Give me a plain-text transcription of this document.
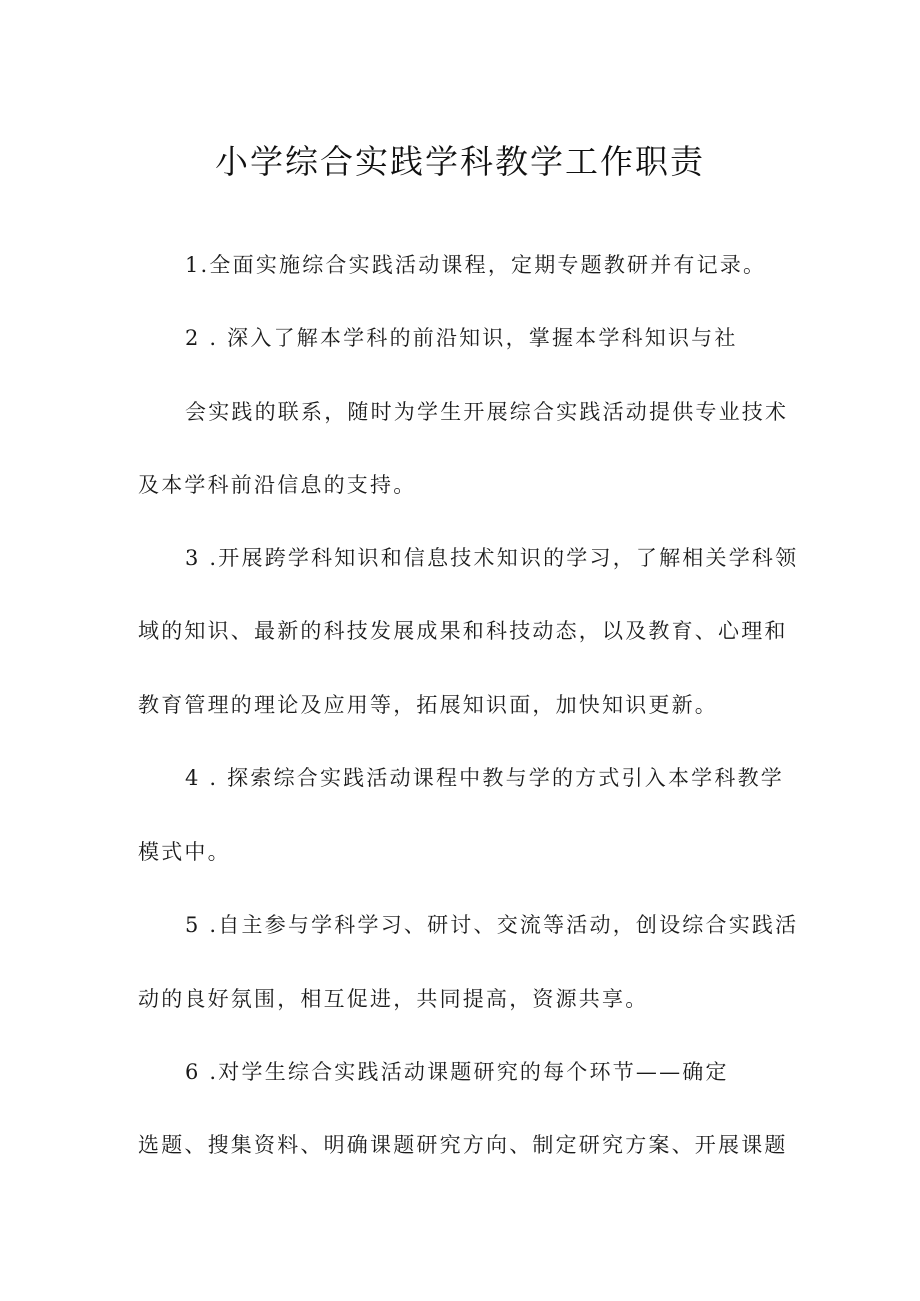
小学综合实践学科教学工作职责
1.全面实施综合实践活动课程，定期专题教研并有记录。
2 . 深入了解本学科的前沿知识，掌握本学科知识与社
会实践的联系，随时为学生开展综合实践活动提供专业技术
及本学科前沿信息的支持。
3 .开展跨学科知识和信息技术知识的学习，了解相关学科领
域的知识、最新的科技发展成果和科技动态，以及教育、心理和
教育管理的理论及应用等，拓展知识面，加快知识更新。
4 . 探索综合实践活动课程中教与学的方式引入本学科教学
模式中。
5 .自主参与学科学习、研讨、交流等活动，创设综合实践活
动的良好氛围，相互促进，共同提高，资源共享。
6 .对学生综合实践活动课题研究的每个环节——确定
选题、搜集资料、明确课题研究方向、制定研究方案、开展课题
